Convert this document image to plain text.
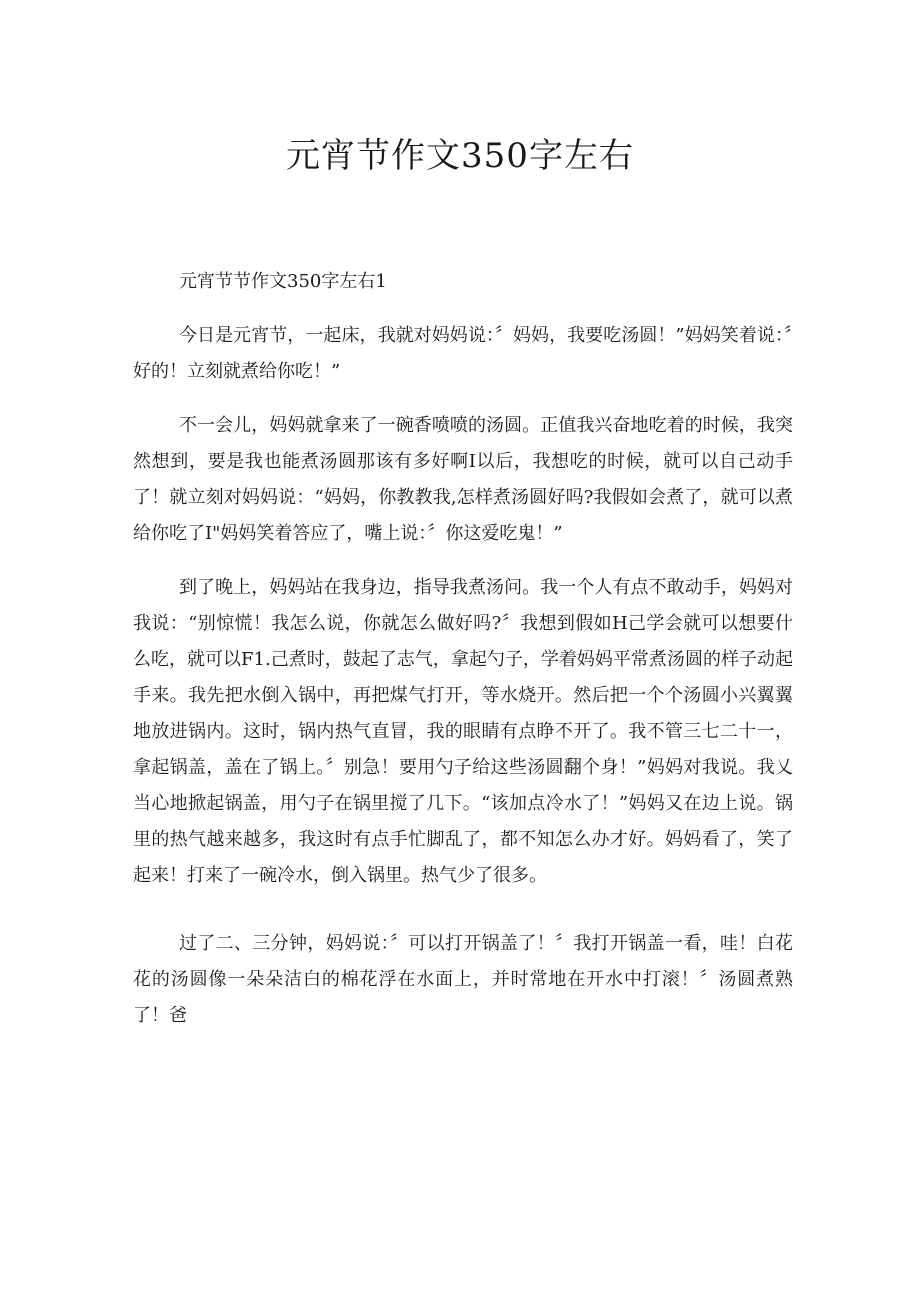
元宵节作文350字左右

元宵节节作文350字左右1

今日是元宵节，一起床，我就对妈妈说：〞妈妈，我要吃汤圆！”妈妈笑着说：〞好的！立刻就煮给你吃！”

不一会儿，妈妈就拿来了一碗香喷喷的汤圆。正值我兴奋地吃着的时候，我突然想到，要是我也能煮汤圆那该有多好啊I以后，我想吃的时候，就可以自己动手了！就立刻对妈妈说：“妈妈，你教教我,怎样煮汤圆好吗?我假如会煮了，就可以煮给你吃了I"妈妈笑着答应了，嘴上说：〞你这爱吃鬼！”

到了晚上，妈妈站在我身边，指导我煮汤问。我一个人有点不敢动手，妈妈对我说：“别惊慌！我怎么说，你就怎么做好吗?〞我想到假如H己学会就可以想要什么吃，就可以F1.己煮时，鼓起了志气，拿起勺子，学着妈妈平常煮汤圆的样子动起手来。我先把水倒入锅中，再把煤气打开，等水烧开。然后把一个个汤圆小兴翼翼地放进锅内。这时，锅内热气直冒，我的眼睛有点睁不开了。我不管三七二十一，拿起锅盖，盖在了锅上。〞别急！要用勺子给这些汤圆翻个身！”妈妈对我说。我乂当心地掀起锅盖，用勺子在锅里搅了几下。“该加点冷水了！”妈妈又在边上说。锅里的热气越来越多，我这时有点手忙脚乱了，都不知怎么办才好。妈妈看了，笑了起来！打来了一碗冷水，倒入锅里。热气少了很多。

过了二、三分钟，妈妈说：〞可以打开锅盖了！〞我打开锅盖一看，哇！白花花的汤圆像一朵朵洁白的棉花浮在水面上，并时常地在开水中打滚！〞汤圆煮熟了！爸
